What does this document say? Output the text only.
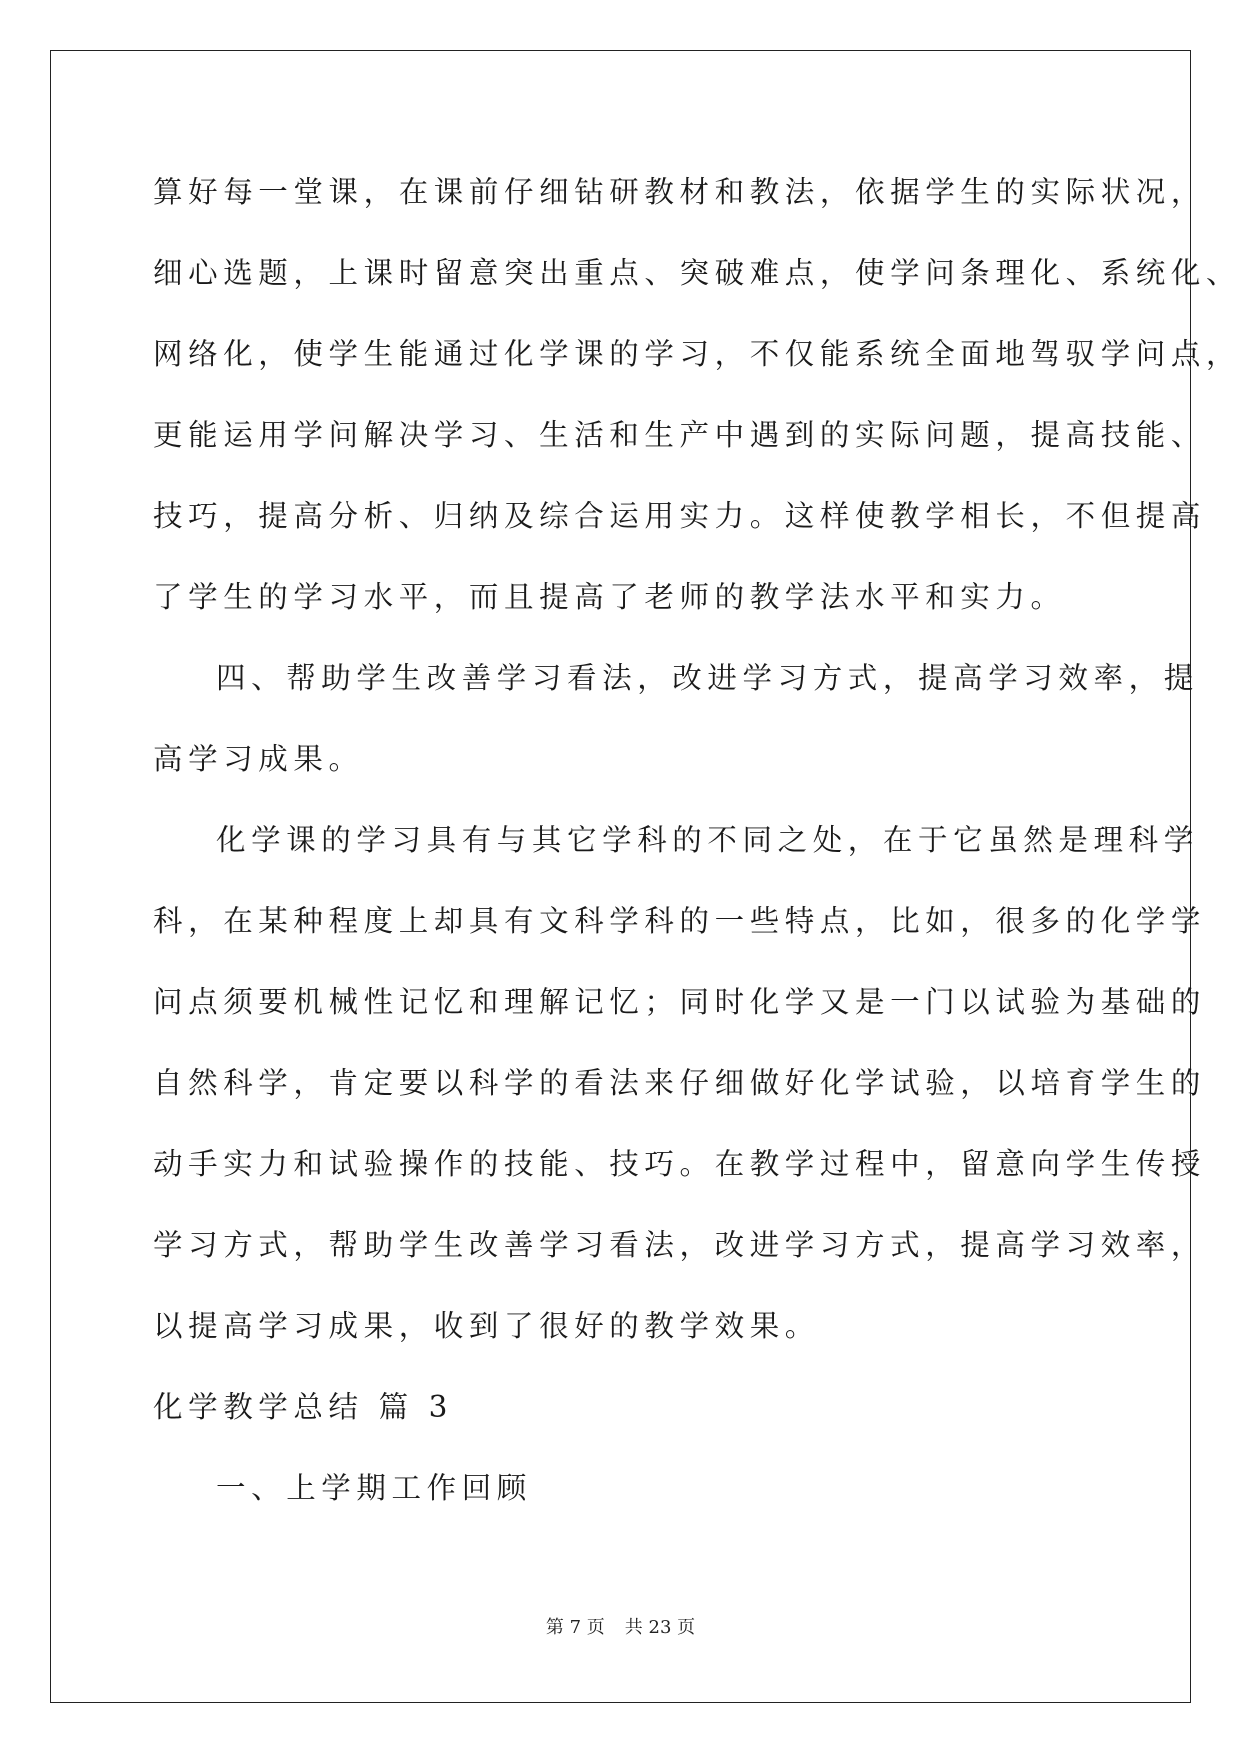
算好每一堂课，在课前仔细钻研教材和教法，依据学生的实际状况，
细心选题，上课时留意突出重点、突破难点，使学问条理化、系统化、
网络化，使学生能通过化学课的学习，不仅能系统全面地驾驭学问点，
更能运用学问解决学习、生活和生产中遇到的实际问题，提高技能、
技巧，提高分析、归纳及综合运用实力。这样使教学相长，不但提高
了学生的学习水平，而且提高了老师的教学法水平和实力。
四、帮助学生改善学习看法，改进学习方式，提高学习效率，提
高学习成果。
化学课的学习具有与其它学科的不同之处，在于它虽然是理科学
科，在某种程度上却具有文科学科的一些特点，比如，很多的化学学
问点须要机械性记忆和理解记忆；同时化学又是一门以试验为基础的
自然科学，肯定要以科学的看法来仔细做好化学试验，以培育学生的
动手实力和试验操作的技能、技巧。在教学过程中，留意向学生传授
学习方式，帮助学生改善学习看法，改进学习方式，提高学习效率，
以提高学习成果，收到了很好的教学效果。
化学教学总结 篇 3
一、上学期工作回顾
第 7 页 共 23 页
